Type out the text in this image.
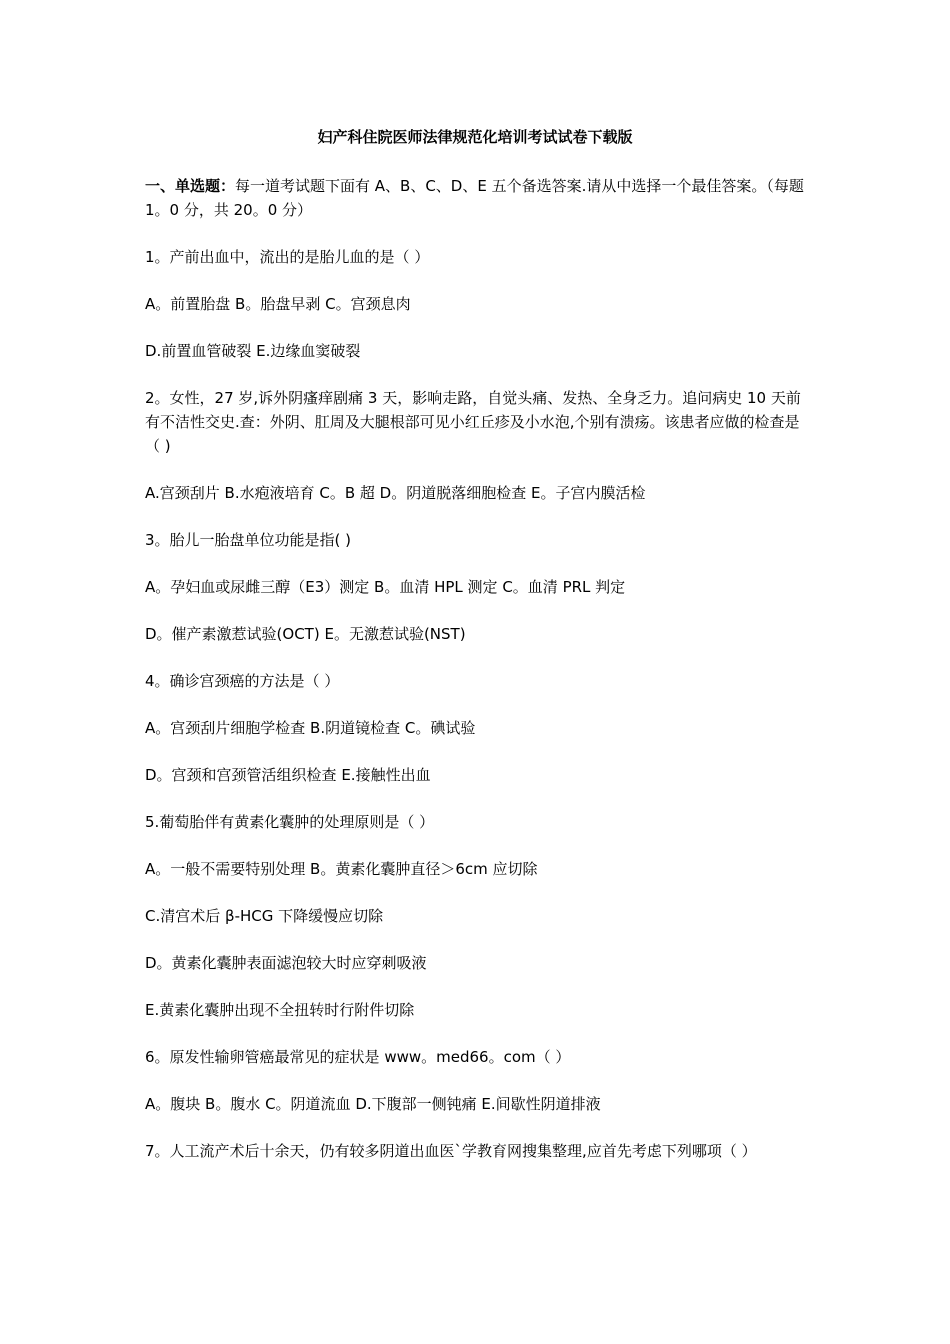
妇产科住院医师法律规范化培训考试试卷下载版

一、单选题：每一道考试题下面有 A、B、C、D、E 五个备选答案.请从中选择一个最佳答案。（每题 1。0 分，共 20。0 分）

1。产前出血中，流出的是胎儿血的是（ ）

A。前置胎盘 B。胎盘早剥 C。宫颈息肉

D.前置血管破裂 E.边缘血窦破裂

2。女性，27 岁,诉外阴瘙痒剧痛 3 天，影响走路，自觉头痛、发热、全身乏力。追问病史 10 天前有不洁性交史.查：外阴、肛周及大腿根部可见小红丘疹及小水泡,个别有溃疡。该患者应做的检查是（ )

A.宫颈刮片 B.水疱液培育 C。B 超 D。阴道脱落细胞检查 E。子宫内膜活检

3。胎儿一胎盘单位功能是指( )

A。孕妇血或尿雌三醇（E3）测定 B。血清 HPL 测定 C。血清 PRL 判定

D。催产素激惹试验(OCT) E。无激惹试验(NST)

4。确诊宫颈癌的方法是（ ）

A。宫颈刮片细胞学检查 B.阴道镜检查 C。碘试验

D。宫颈和宫颈管活组织检查 E.接触性出血

5.葡萄胎伴有黄素化囊肿的处理原则是（ ）

A。一般不需要特别处理 B。黄素化囊肿直径＞6cm 应切除

C.清宫术后 β-HCG 下降缓慢应切除

D。黄素化囊肿表面滤泡较大时应穿刺吸液

E.黄素化囊肿出现不全扭转时行附件切除

6。原发性输卵管癌最常见的症状是 www。med66。com（ ）

A。腹块 B。腹水 C。阴道流血 D.下腹部一侧钝痛 E.间歇性阴道排液

7。人工流产术后十余天，仍有较多阴道出血医`学教育网搜集整理,应首先考虑下列哪项（ ）
